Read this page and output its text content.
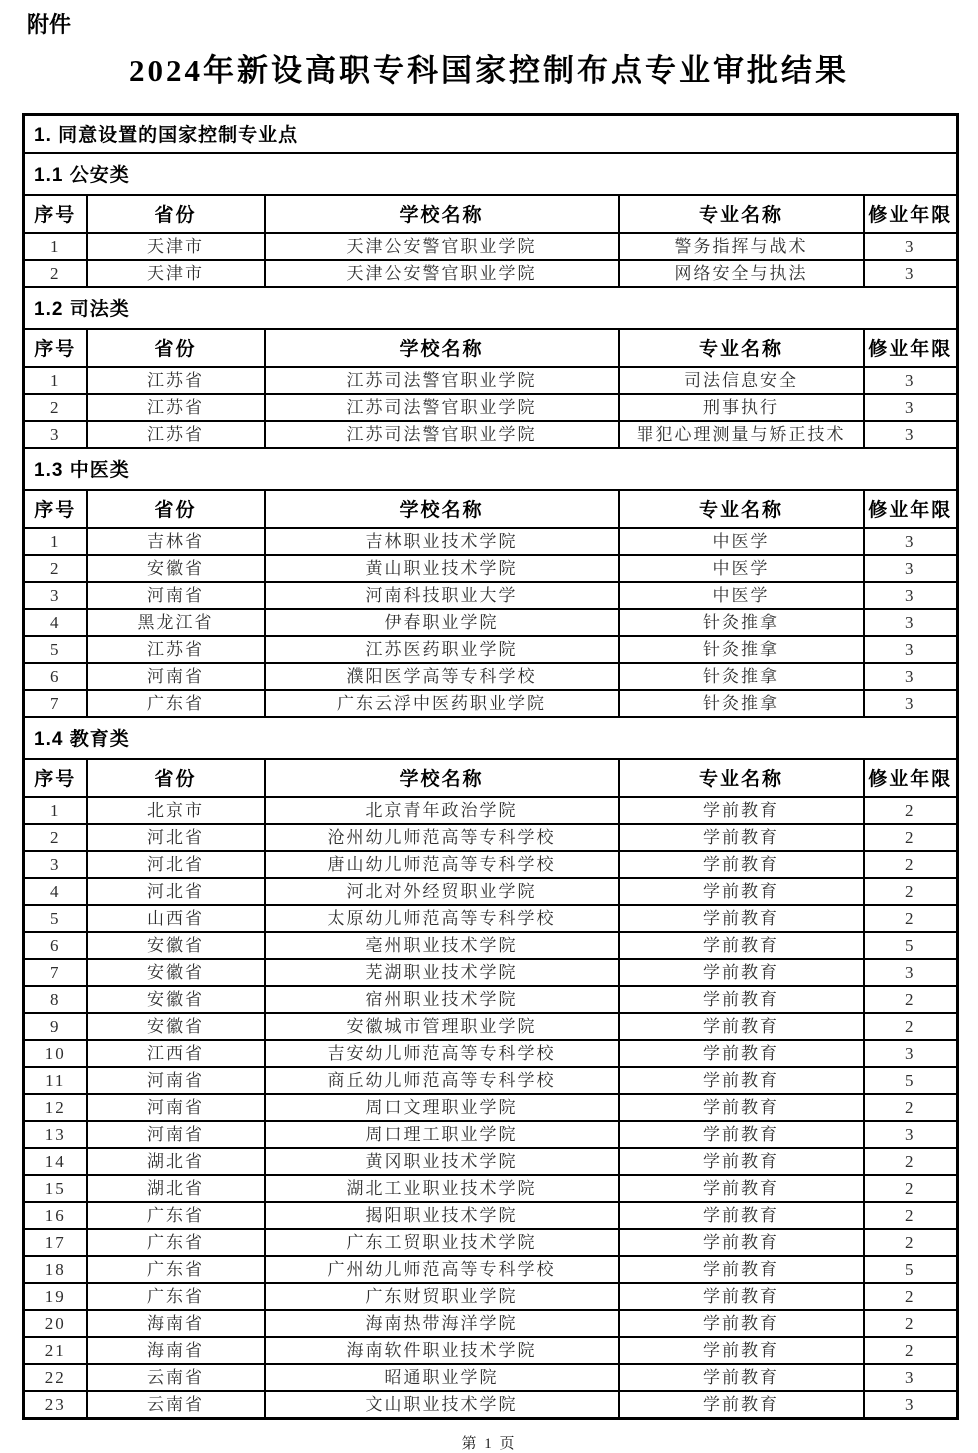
附件
2024年新设高职专科国家控制布点专业审批结果
1. 同意设置的国家控制专业点				
1.1 公安类				
序号	省份	学校名称	专业名称	修业年限
1	天津市	天津公安警官职业学院	警务指挥与战术	3
2	天津市	天津公安警官职业学院	网络安全与执法	3
1.2 司法类				
序号	省份	学校名称	专业名称	修业年限
1	江苏省	江苏司法警官职业学院	司法信息安全	3
2	江苏省	江苏司法警官职业学院	刑事执行	3
3	江苏省	江苏司法警官职业学院	罪犯心理测量与矫正技术	3
1.3 中医类				
序号	省份	学校名称	专业名称	修业年限
1	吉林省	吉林职业技术学院	中医学	3
2	安徽省	黄山职业技术学院	中医学	3
3	河南省	河南科技职业大学	中医学	3
4	黑龙江省	伊春职业学院	针灸推拿	3
5	江苏省	江苏医药职业学院	针灸推拿	3
6	河南省	濮阳医学高等专科学校	针灸推拿	3
7	广东省	广东云浮中医药职业学院	针灸推拿	3
1.4 教育类				
序号	省份	学校名称	专业名称	修业年限
1	北京市	北京青年政治学院	学前教育	2
2	河北省	沧州幼儿师范高等专科学校	学前教育	2
3	河北省	唐山幼儿师范高等专科学校	学前教育	2
4	河北省	河北对外经贸职业学院	学前教育	2
5	山西省	太原幼儿师范高等专科学校	学前教育	2
6	安徽省	亳州职业技术学院	学前教育	5
7	安徽省	芜湖职业技术学院	学前教育	3
8	安徽省	宿州职业技术学院	学前教育	2
9	安徽省	安徽城市管理职业学院	学前教育	2
10	江西省	吉安幼儿师范高等专科学校	学前教育	3
11	河南省	商丘幼儿师范高等专科学校	学前教育	5
12	河南省	周口文理职业学院	学前教育	2
13	河南省	周口理工职业学院	学前教育	3
14	湖北省	黄冈职业技术学院	学前教育	2
15	湖北省	湖北工业职业技术学院	学前教育	2
16	广东省	揭阳职业技术学院	学前教育	2
17	广东省	广东工贸职业技术学院	学前教育	2
18	广东省	广州幼儿师范高等专科学校	学前教育	5
19	广东省	广东财贸职业学院	学前教育	2
20	海南省	海南热带海洋学院	学前教育	2
21	海南省	海南软件职业技术学院	学前教育	2
22	云南省	昭通职业学院	学前教育	3
23	云南省	文山职业技术学院	学前教育	3
第 1 页
